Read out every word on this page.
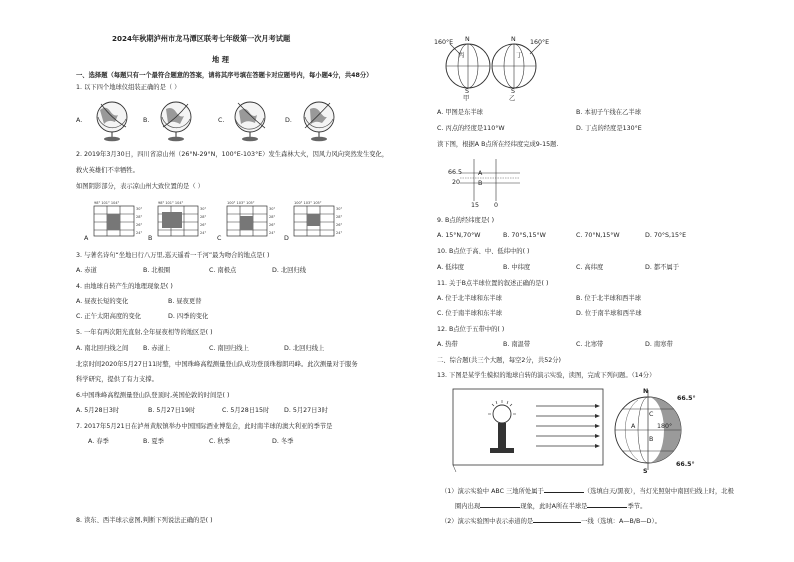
2024年秋期泸州市龙马潭区联考七年级第一次月考试题
地 理
一、选择题（每题只有一个最符合题意的答案，请将其序号填在答题卡对应题号内，每小题4分，共48分）
1. 以下四个地球仪组装正确的是（ ）
A.	B.	C.	D.
2. 2019年3月30日，四川省凉山州（26°N-29°N，100°E-103°E）发生森林大火，因风力风向突然发生变化，
救火英雄们不幸牺牲。
如图阴影部分，表示凉山州大致位置的是（ ）
98° 101° 104°
30°
28°
26°
24°
98° 101° 104°
30°
28°
26°
24°
100° 103° 105°
30°
28°
26°
24°
100° 103° 105°
30°
28°
26°
24°
A	B	C	D
3. 与著名诗句“坐地日行八万里,巡天遥看一千河”最为吻合的地点是( )
A. 赤道	B. 北极圈	C. 南极点	D. 北回归线
4. 由地球自转产生的地理现象是( )
A. 昼夜长短的变化	B. 昼夜更替
C. 正午太阳高度的变化	D. 四季的变化
5. 一年有两次阳光直射,全年昼夜相等的地区是( )
A. 南北回归线之间 B. 赤道上	C. 南回归线上	D. 北回归线上
北京时间2020年5月27日11时整，中国珠峰高程测量登山队成功登顶珠穆朗玛峰。此次测量对于服务
科学研究，提供了有力支撑。
6.中国珠峰高程测量登山队登顶时,英国伦敦的时间是( )
A. 5月28日3时	B. 5月27日19时	C. 5月28日15时 D. 5月27日3时
7. 2017年5月21日在泸州黄舣镇举办中国国际酒业博览会，此时南半球的澳大利亚的季节是
A. 春季	B. 夏季	C. 秋季	D. 冬季
8. 读东、西半球示意图,判断下列说法正确的是( )
160°E	160°E
N	N
S	S
甲	乙
丙	丁
A. 甲图是东半球	B. 本初子午线在乙半球
C. 丙点的经度是110°W	D. 丁点的经度是130°E
读下图，根据A B点所在经纬度完成9-15题.
66.5
20
15 0
A
B
9. B点的经纬度是( )
A. 15°N,70°W	B. 70°S,15°W	C. 70°N,15°W	D. 70°S,15°E
10. B点位于高、中、低纬中的( )
A. 低纬度	B. 中纬度	C. 高纬度	D. 都不属于
11. 关于B点半球位置的叙述正确的是( )
A. 位于北半球和东半球	B. 位于北半球和西半球
C. 位于南半球和东半球	D. 位于南半球和西半球
12. B点位于五带中的( )
A. 热带	B. 南温带	C. 北寒带	D. 南寒带
二、综合题(共三个大题，每空2分，共52分)
13. 下图是某学生模拟的地球自转的演示实验，读图，完成下列问题。（14分）
N
S
66.5°
66.5°
C
A
B
180°
（1）演示实验中 ABC 三地所处属于	（选填白天/黑夜），当灯光照射中南回归线上时，北极
圈内出现	现象，此时A所在半球是	季节。
（2）演示实验图中表示赤道的是	一线（选填：A—B/B—D）。
